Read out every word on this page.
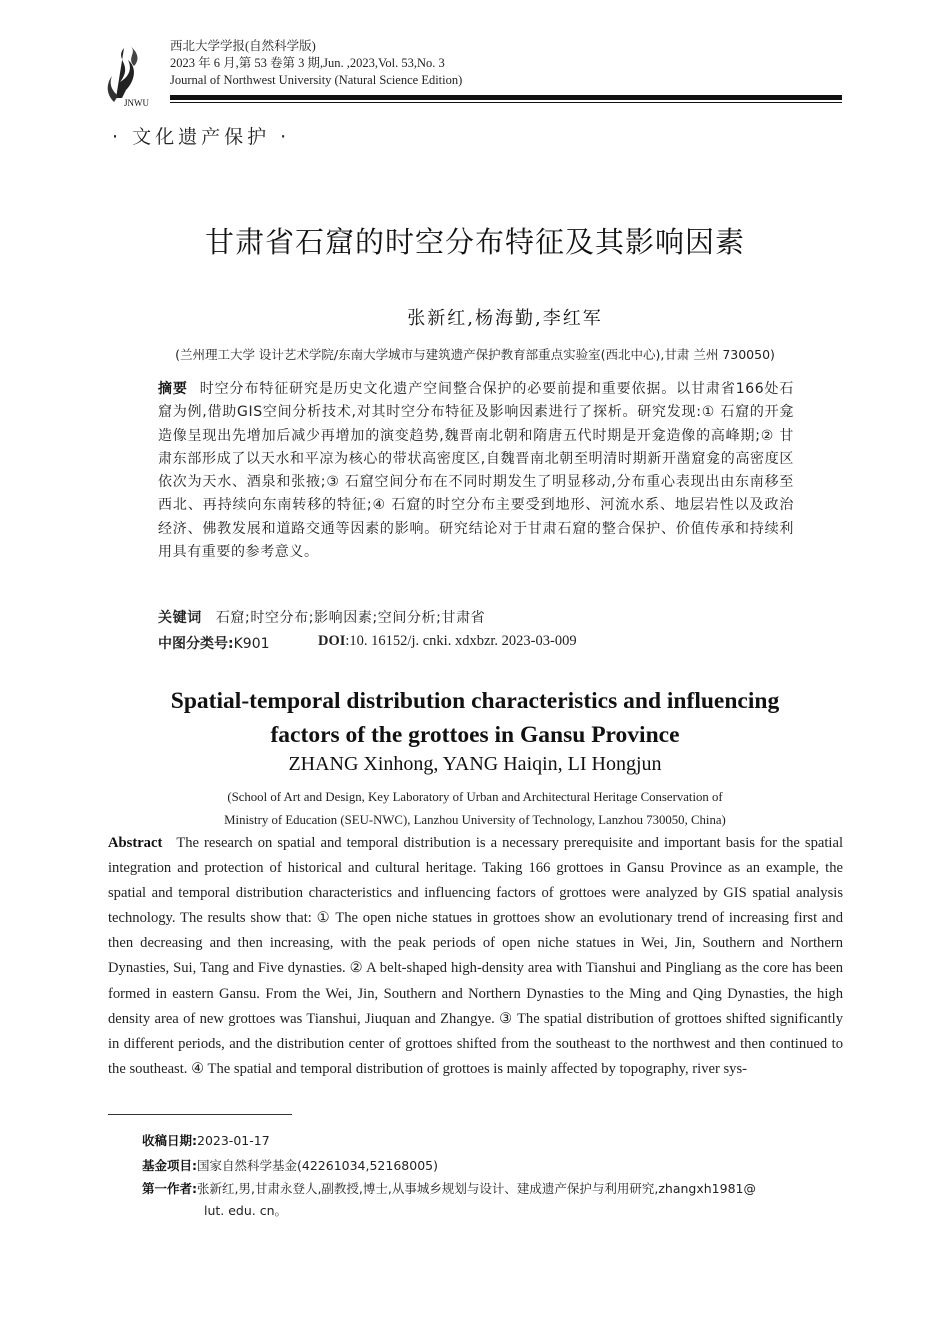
JNWU
西北大学学报(自然科学版)
2023 年 6 月,第 53 卷第 3 期,Jun. ,2023,Vol. 53,No. 3
Journal of Northwest University (Natural Science Edition)
· 文化遗产保护 ·
甘肃省石窟的时空分布特征及其影响因素
张新红,杨海勤,李红军
(兰州理工大学 设计艺术学院/东南大学城市与建筑遗产保护教育部重点实验室(西北中心),甘肃 兰州 730050)
摘要 时空分布特征研究是历史文化遗产空间整合保护的必要前提和重要依据。以甘肃省166处石窟为例,借助GIS空间分析技术,对其时空分布特征及影响因素进行了探析。研究发现:① 石窟的开龛造像呈现出先增加后减少再增加的演变趋势,魏晋南北朝和隋唐五代时期是开龛造像的高峰期;② 甘肃东部形成了以天水和平凉为核心的带状高密度区,自魏晋南北朝至明清时期新开凿窟龛的高密度区依次为天水、酒泉和张掖;③ 石窟空间分布在不同时期发生了明显移动,分布重心表现出由东南移至西北、再持续向东南转移的特征;④ 石窟的时空分布主要受到地形、河流水系、地层岩性以及政治经济、佛教发展和道路交通等因素的影响。研究结论对于甘肃石窟的整合保护、价值传承和持续利用具有重要的参考意义。
关键词 石窟;时空分布;影响因素;空间分析;甘肃省
中图分类号:K901	DOI:10. 16152/j. cnki. xdxbzr. 2023-03-009
Spatial-temporal distribution characteristics and influencing
factors of the grottoes in Gansu Province
ZHANG Xinhong, YANG Haiqin, LI Hongjun
(School of Art and Design, Key Laboratory of Urban and Architectural Heritage Conservation of
Ministry of Education (SEU-NWC), Lanzhou University of Technology, Lanzhou 730050, China)
Abstract The research on spatial and temporal distribution is a necessary prerequisite and important basis for the spatial integration and protection of historical and cultural heritage. Taking 166 grottoes in Gansu Province as an example, the spatial and temporal distribution characteristics and influencing factors of grottoes were analyzed by GIS spatial analysis technology. The results show that: ① The open niche statues in grottoes show an evolutionary trend of increasing first and then decreasing and then increasing, with the peak periods of open niche statues in Wei, Jin, Southern and Northern Dynasties, Sui, Tang and Five dynasties. ② A belt-shaped high-density area with Tianshui and Pingliang as the core has been formed in eastern Gansu. From the Wei, Jin, Southern and Northern Dynasties to the Ming and Qing Dynasties, the high density area of new grottoes was Tianshui, Jiuquan and Zhangye. ③ The spatial distribution of grottoes shifted significantly in different periods, and the distribution center of grottoes shifted from the southeast to the northwest and then continued to the southeast. ④ The spatial and temporal distribution of grottoes is mainly affected by topography, river sys-
收稿日期:2023-01-17
基金项目:国家自然科学基金(42261034,52168005)
第一作者:张新红,男,甘肃永登人,副教授,博士,从事城乡规划与设计、建成遗产保护与利用研究,zhangxh1981@
lut. edu. cn。
